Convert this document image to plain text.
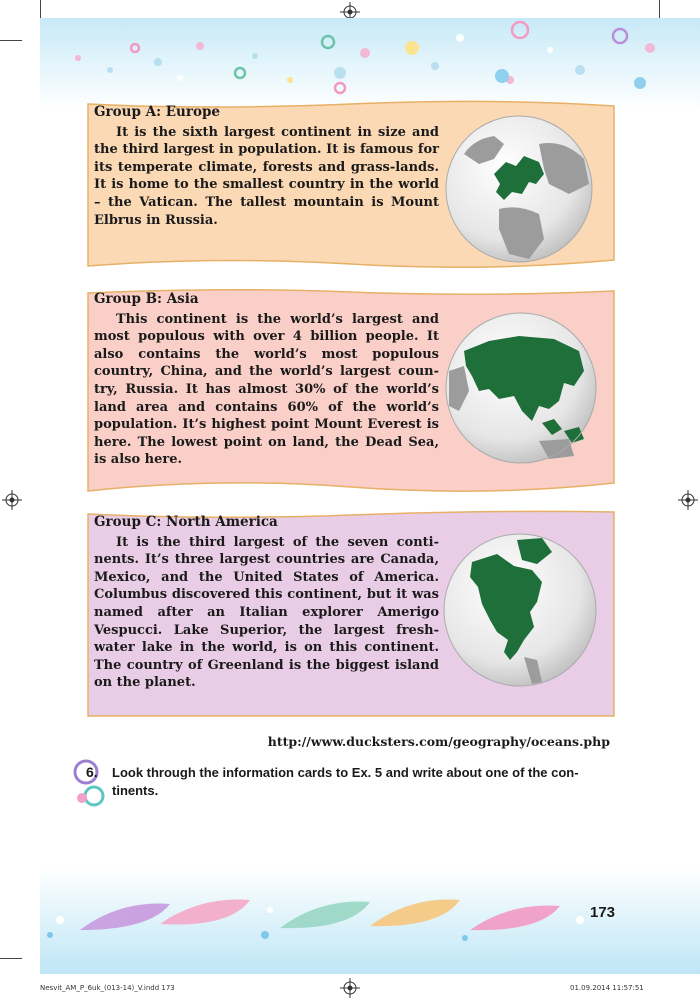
Group A: Europe
It is the sixth largest continent in size and the third largest in population. It is famous for its temperate climate, forests and grass-lands. It is home to the smallest country in the world – the Vatican. The tallest mountain is Mount Elbrus in Russia.
Group B: Asia
This continent is the world’s largest and most populous with over 4 billion people. It also contains the world’s most populous country, China, and the world’s largest coun-try, Russia. It has almost 30% of the world’s land area and contains 60% of the world’s population. It’s highest point Mount Everest is here. The lowest point on land, the Dead Sea, is also here.
Group C: North America
It is the third largest of the seven conti-nents. It’s three largest countries are Canada, Mexico, and the United States of America. Columbus discovered this continent, but it was named after an Italian explorer Amerigo Vespucci. Lake Superior, the largest fresh-water lake in the world, is on this continent. The country of Greenland is the biggest island on the planet.
http://www.ducksters.com/geography/oceans.php
6. Look through the information cards to Ex. 5 and write about one of the con-tinents.
173
Nesvit_AM_P_6uk_(013-14)_V.indd 173	01.09.2014 11:57:51
